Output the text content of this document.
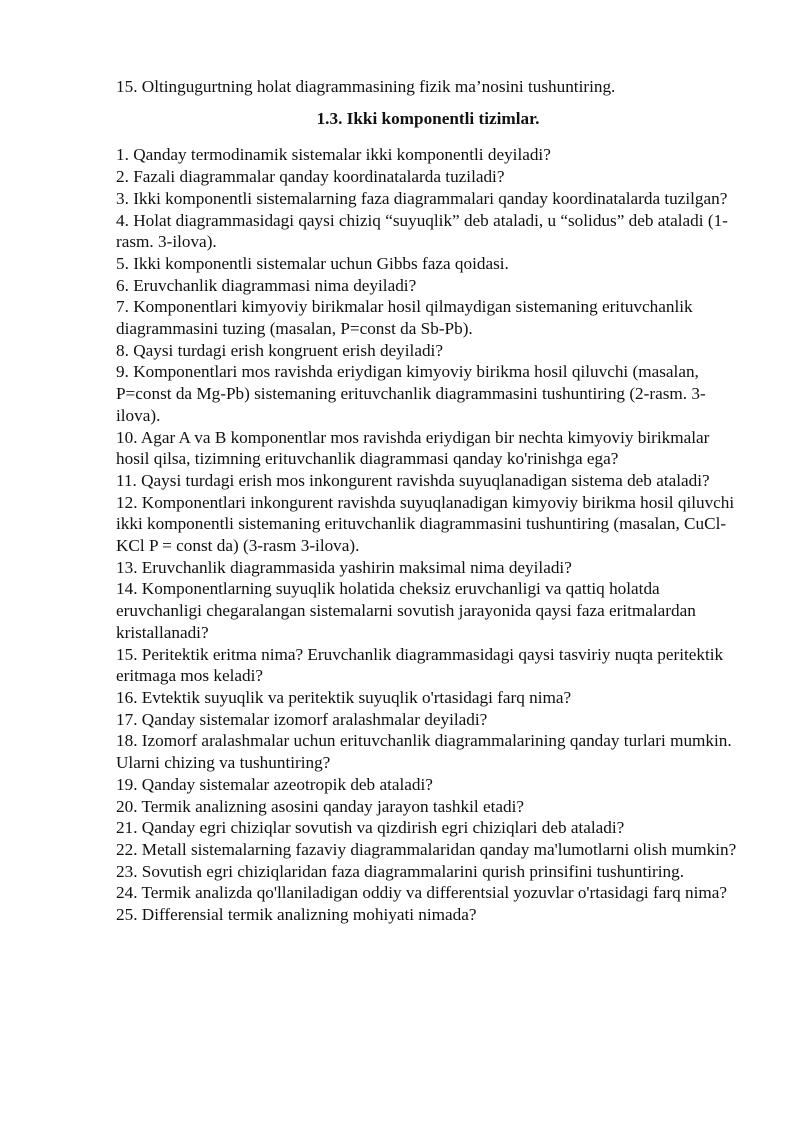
15. Oltingugurtning holat diagrammasining fizik ma’nosini tushuntiring.

1.3. Ikki komponentli tizimlar.
1. Qanday termodinamik sistemalar ikki komponentli deyiladi?
2. Fazali diagrammalar qanday koordinatalarda tuziladi?
3. Ikki komponentli sistemalarning faza diagrammalari qanday koordinatalarda tuzilgan?
4. Holat diagrammasidagi qaysi chiziq “suyuqlik” deb ataladi, u “solidus” deb ataladi (1-rasm. 3-ilova).
5. Ikki komponentli sistemalar uchun Gibbs faza qoidasi.
6. Eruvchanlik diagrammasi nima deyiladi?
7. Komponentlari kimyoviy birikmalar hosil qilmaydigan sistemaning erituvchanlik diagrammasini tuzing (masalan, P=const da Sb-Pb).
8. Qaysi turdagi erish kongruent erish deyiladi?
9. Komponentlari mos ravishda eriydigan kimyoviy birikma hosil qiluvchi (masalan, P=const da Mg-Pb) sistemaning erituvchanlik diagrammasini tushuntiring (2-rasm. 3-ilova).
10. Agar A va B komponentlar mos ravishda eriydigan bir nechta kimyoviy birikmalar hosil qilsa, tizimning erituvchanlik diagrammasi qanday ko'rinishga ega?
11. Qaysi turdagi erish mos inkongurent ravishda suyuqlanadigan sistema deb ataladi?
12. Komponentlari inkongurent ravishda suyuqlanadigan kimyoviy birikma hosil qiluvchi ikki komponentli sistemaning erituvchanlik diagrammasini tushuntiring (masalan, CuCl-KCl P = const da) (3-rasm 3-ilova).
13. Eruvchanlik diagrammasida yashirin maksimal nima deyiladi?
14. Komponentlarning suyuqlik holatida cheksiz eruvchanligi va qattiq holatda eruvchanligi chegaralangan sistemalarni sovutish jarayonida qaysi faza eritmalardan kristallanadi?
15. Peritektik eritma nima? Eruvchanlik diagrammasidagi qaysi tasviriy nuqta peritektik eritmaga mos keladi?
16. Evtektik suyuqlik va peritektik suyuqlik o'rtasidagi farq nima?
17. Qanday sistemalar izomorf aralashmalar deyiladi?
18. Izomorf aralashmalar uchun erituvchanlik diagrammalarining qanday turlari mumkin. Ularni chizing va tushuntiring?
19. Qanday sistemalar azeotropik deb ataladi?
20. Termik analizning asosini qanday jarayon tashkil etadi?
21. Qanday egri chiziqlar sovutish va qizdirish egri chiziqlari deb ataladi?
22. Metall sistemalarning fazaviy diagrammalaridan qanday ma'lumotlarni olish mumkin?
23. Sovutish egri chiziqlaridan faza diagrammalarini qurish prinsifini tushuntiring.
24. Termik analizda qo'llaniladigan oddiy va differentsial yozuvlar o'rtasidagi farq nima?
25. Differensial termik analizning mohiyati nimada?
